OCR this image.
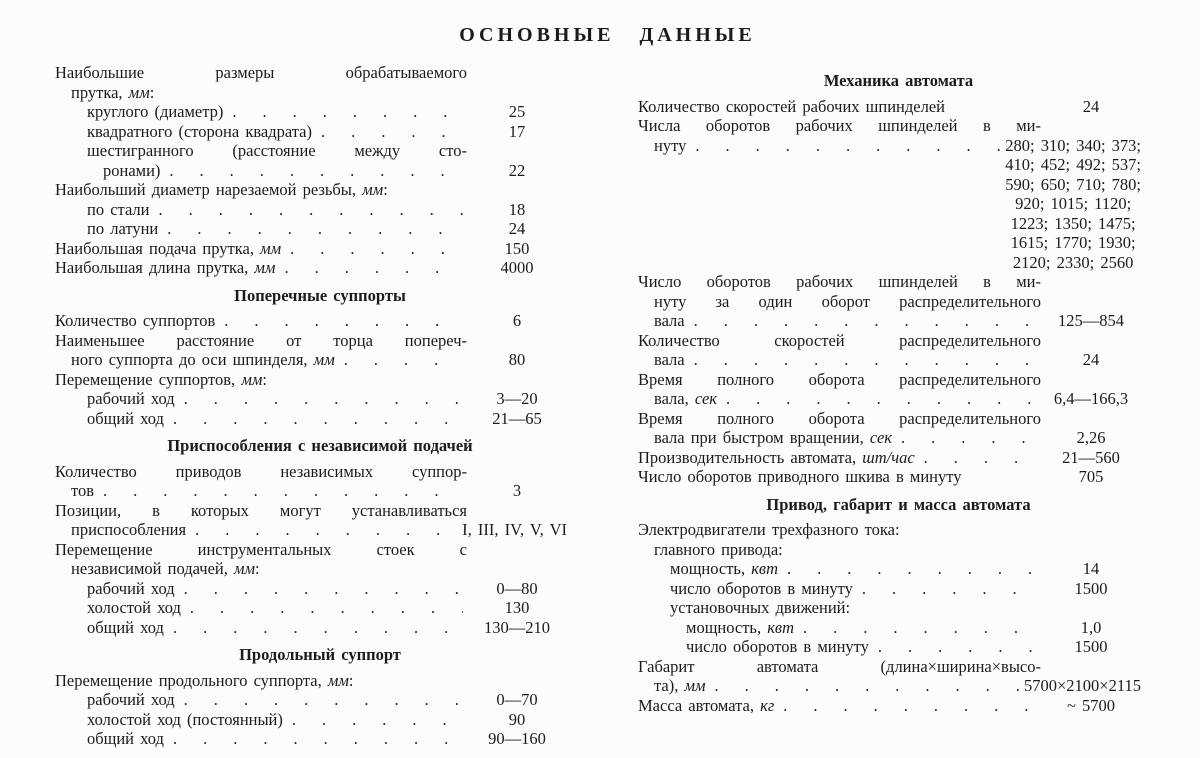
ОСНОВНЫЕ ДАННЫЕ
Наибольшие размеры обрабатываемого
прутка, мм:
круглого (диаметр) .....	25
квадратного (сторона квадрата) .....	17
шестигранного (расстояние между сто-
ронами) .....	22
Наибольший диаметр нарезаемой резьбы, мм:
по стали .....	18
по латуни .....	24
Наибольшая подача прутка, мм .....	150
Наибольшая длина прутка, мм .....	4000
Поперечные суппорты
Количество суппортов .....	6
Наименьшее расстояние от торца попереч-
ного суппорта до оси шпинделя, мм .....	80
Перемещение суппортов, мм:
рабочий ход .....	3—20
общий ход .....	21—65
Приспособления с независимой подачей
Количество приводов независимых суппор-
тов .....	3
Позиции, в которых могут устанавливаться
приспособления .....	I, III, IV, V, VI
Перемещение инструментальных стоек с
независимой подачей, мм:
рабочий ход .....	0—80
холостой ход .....	130
общий ход .....	130—210
Продольный суппорт
Перемещение продольного суппорта, мм:
рабочий ход .....	0—70
холостой ход (постоянный) .....	90
общий ход .....	90—160
Механика автомата
Количество скоростей рабочих шпинделей	24
Числа оборотов рабочих шпинделей в ми-
нуту .....	280; 310; 340; 373;
410; 452; 492; 537;
590; 650; 710; 780;
920; 1015; 1120;
1223; 1350; 1475;
1615; 1770; 1930;
2120; 2330; 2560
Число оборотов рабочих шпинделей в ми-
нуту за один оборот распределительного
вала .....	125—854
Количество скоростей распределительного
вала .....	24
Время полного оборота распределительного
вала, сек .....	6,4—166,3
Время полного оборота распределительного
вала при быстром вращении, сек .....	2,26
Производительность автомата, шт/час .....	21—560
Число оборотов приводного шкива в минуту	705
Привод, габарит и масса автомата
Электродвигатели трехфазного тока:
главного привода:
мощность, квт .....	14
число оборотов в минуту .....	1500
установочных движений:
мощность, квт .....	1,0
число оборотов в минуту .....	1500
Габарит автомата (длина×ширина×высо-
та), мм .....	5700×2100×2115
Масса автомата, кг .....	~ 5700
